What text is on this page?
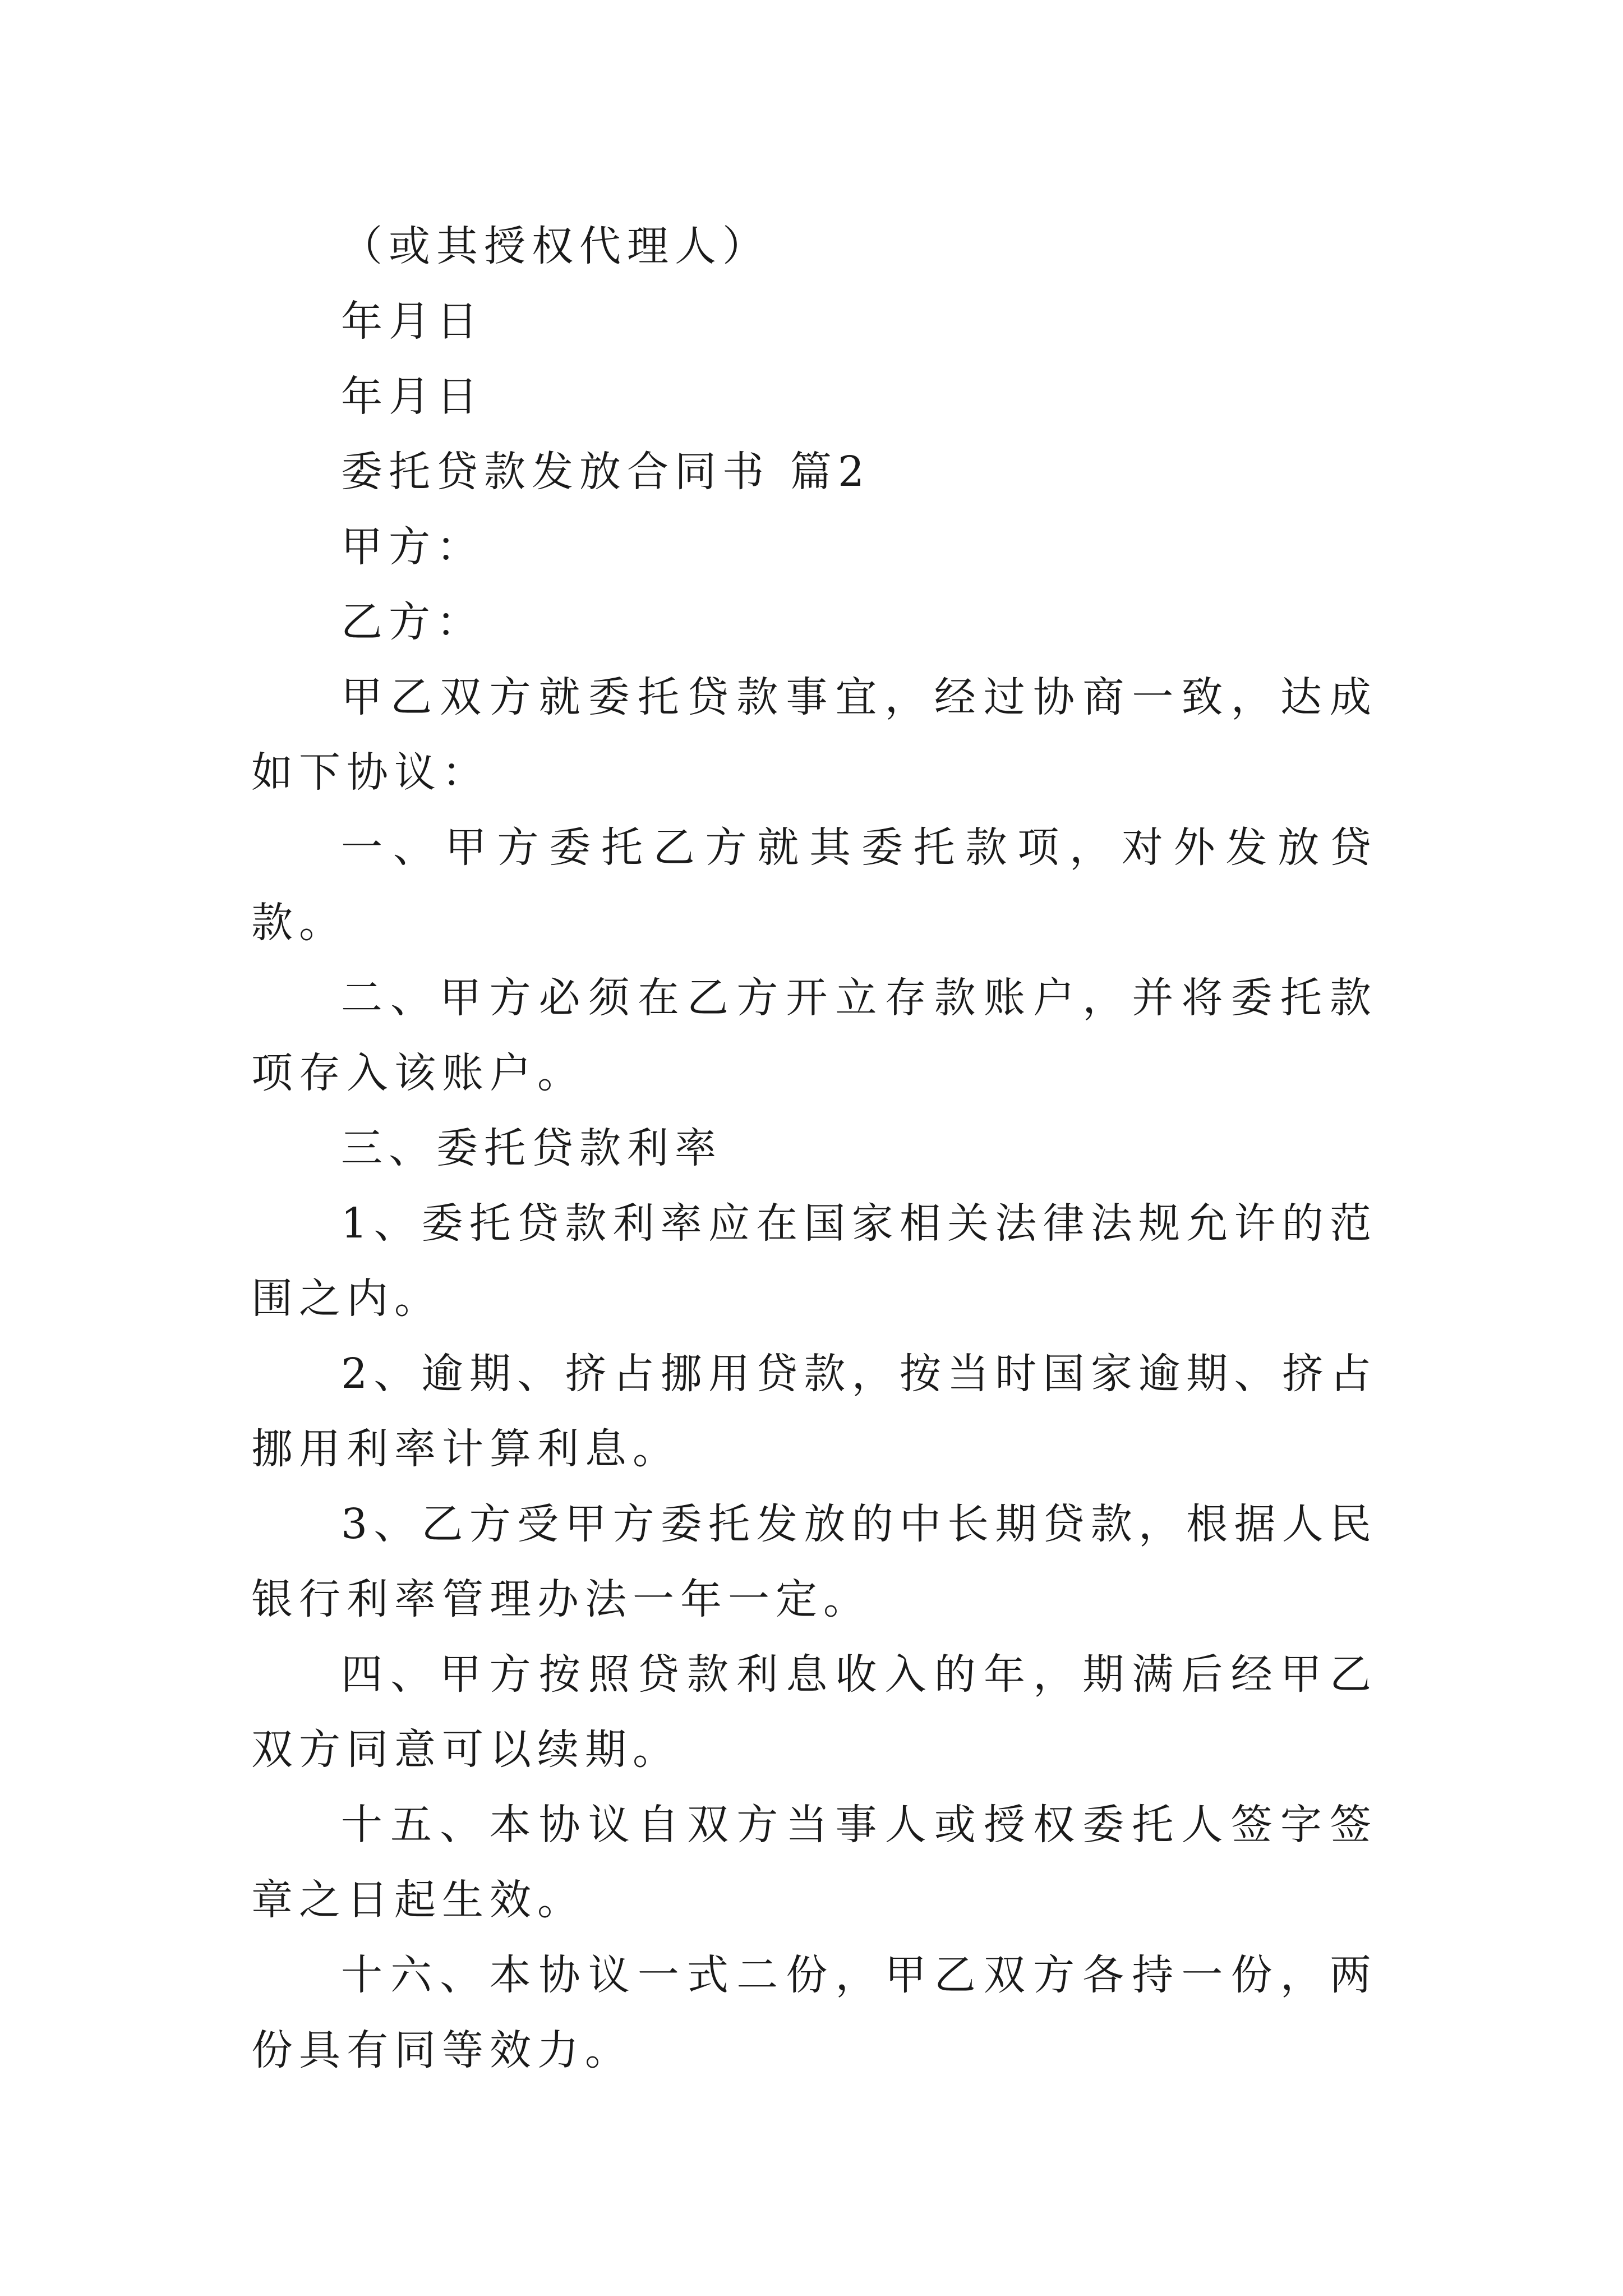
（或其授权代理人）

年月日

年月日

委托贷款发放合同书 篇2

甲方：

乙方：

甲乙双方就委托贷款事宜，经过协商一致，达成如下协议：

一、甲方委托乙方就其委托款项，对外发放贷款。

二、甲方必须在乙方开立存款账户，并将委托款项存入该账户。

三、委托贷款利率

1、委托贷款利率应在国家相关法律法规允许的范围之内。

2、逾期、挤占挪用贷款，按当时国家逾期、挤占挪用利率计算利息。

3、乙方受甲方委托发放的中长期贷款，根据人民银行利率管理办法一年一定。

四、甲方按照贷款利息收入的年，期满后经甲乙双方同意可以续期。

十五、本协议自双方当事人或授权委托人签字签章之日起生效。

十六、本协议一式二份，甲乙双方各持一份，两份具有同等效力。
